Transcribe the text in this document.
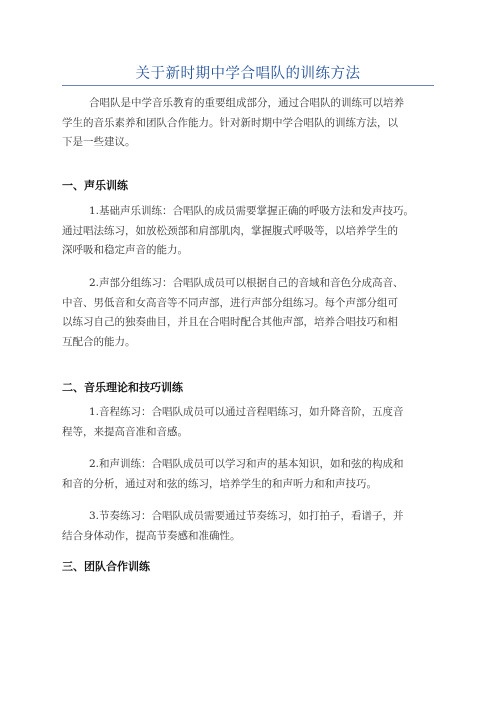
关于新时期中学合唱队的训练方法

合唱队是中学音乐教育的重要组成部分，通过合唱队的训练可以培养
学生的音乐素养和团队合作能力。针对新时期中学合唱队的训练方法，以
下是一些建议。

一、声乐训练

1.基础声乐训练：合唱队的成员需要掌握正确的呼吸方法和发声技巧。
通过唱法练习，如放松颈部和肩部肌肉，掌握腹式呼吸等，以培养学生的
深呼吸和稳定声音的能力。

2.声部分组练习：合唱队成员可以根据自己的音域和音色分成高音、
中音、男低音和女高音等不同声部，进行声部分组练习。每个声部分组可
以练习自己的独奏曲目，并且在合唱时配合其他声部，培养合唱技巧和相
互配合的能力。

二、音乐理论和技巧训练

1.音程练习：合唱队成员可以通过音程唱练习，如升降音阶，五度音
程等，来提高音准和音感。

2.和声训练：合唱队成员可以学习和声的基本知识，如和弦的构成和
和音的分析，通过对和弦的练习，培养学生的和声听力和和声技巧。

3.节奏练习：合唱队成员需要通过节奏练习，如打拍子，看谱子，并
结合身体动作，提高节奏感和准确性。

三、团队合作训练
